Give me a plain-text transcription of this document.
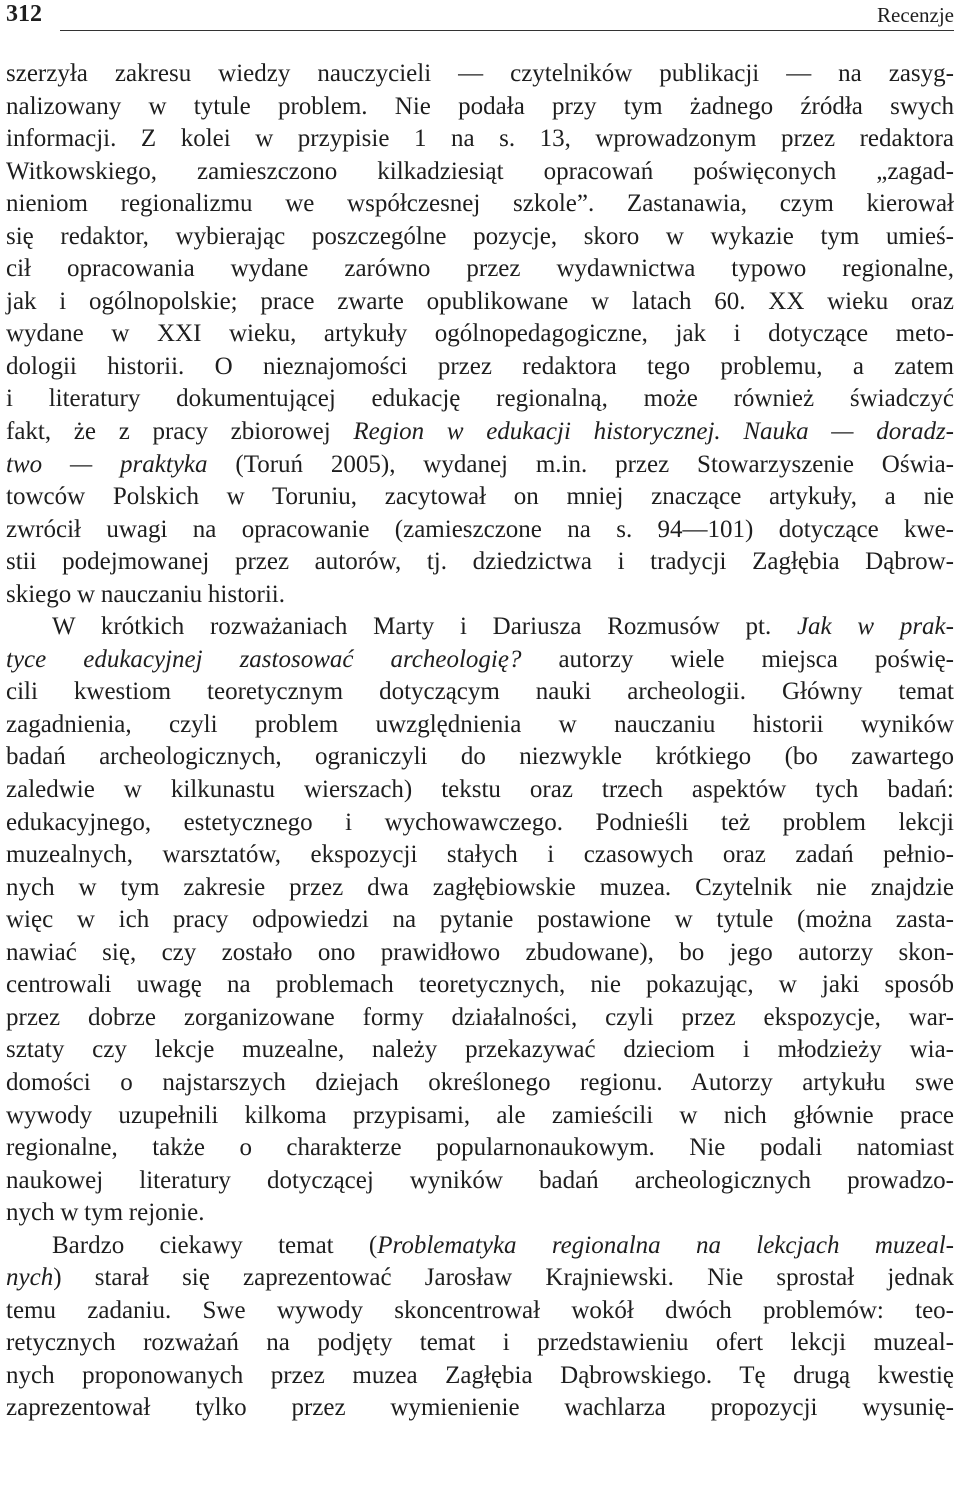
312	Recenzje
szerzyła zakresu wiedzy nauczycieli — czytelników publikacji — na zasyg-
nalizowany w tytule problem. Nie podała przy tym żadnego źródła swych
informacji. Z kolei w przypisie 1 na s. 13, wprowadzonym przez redaktora
Witkowskiego, zamieszczono kilkadziesiąt opracowań poświęconych „zagad-
nieniom regionalizmu we współczesnej szkole”. Zastanawia, czym kierował
się redaktor, wybierając poszczególne pozycje, skoro w wykazie tym umieś-
cił opracowania wydane zarówno przez wydawnictwa typowo regionalne,
jak i ogólnopolskie; prace zwarte opublikowane w latach 60. XX wieku oraz
wydane w XXI wieku, artykuły ogólnopedagogiczne, jak i dotyczące meto-
dologii historii. O nieznajomości przez redaktora tego problemu, a zatem
i literatury dokumentującej edukację regionalną, może również świadczyć
fakt, że z pracy zbiorowej Region w edukacji historycznej. Nauka — doradz-
two — praktyka (Toruń 2005), wydanej m.in. przez Stowarzyszenie Oświa-
towców Polskich w Toruniu, zacytował on mniej znaczące artykuły, a nie
zwrócił uwagi na opracowanie (zamieszczone na s. 94—101) dotyczące kwe-
stii podejmowanej przez autorów, tj. dziedzictwa i tradycji Zagłębia Dąbrow-
skiego w nauczaniu historii.
W krótkich rozważaniach Marty i Dariusza Rozmusów pt. Jak w prak-
tyce edukacyjnej zastosować archeologię? autorzy wiele miejsca poświę-
cili kwestiom teoretycznym dotyczącym nauki archeologii. Główny temat
zagadnienia, czyli problem uwzględnienia w nauczaniu historii wyników
badań archeologicznych, ograniczyli do niezwykle krótkiego (bo zawartego
zaledwie w kilkunastu wierszach) tekstu oraz trzech aspektów tych badań:
edukacyjnego, estetycznego i wychowawczego. Podnieśli też problem lekcji
muzealnych, warsztatów, ekspozycji stałych i czasowych oraz zadań pełnio-
nych w tym zakresie przez dwa zagłębiowskie muzea. Czytelnik nie znajdzie
więc w ich pracy odpowiedzi na pytanie postawione w tytule (można zasta-
nawiać się, czy zostało ono prawidłowo zbudowane), bo jego autorzy skon-
centrowali uwagę na problemach teoretycznych, nie pokazując, w jaki sposób
przez dobrze zorganizowane formy działalności, czyli przez ekspozycje, war-
sztaty czy lekcje muzealne, należy przekazywać dzieciom i młodzieży wia-
domości o najstarszych dziejach określonego regionu. Autorzy artykułu swe
wywody uzupełnili kilkoma przypisami, ale zamieścili w nich głównie prace
regionalne, także o charakterze popularnonaukowym. Nie podali natomiast
naukowej literatury dotyczącej wyników badań archeologicznych prowadzo-
nych w tym rejonie.
Bardzo ciekawy temat (Problematyka regionalna na lekcjach muzeal-
nych) starał się zaprezentować Jarosław Krajniewski. Nie sprostał jednak
temu zadaniu. Swe wywody skoncentrował wokół dwóch problemów: teo-
retycznych rozważań na podjęty temat i przedstawieniu ofert lekcji muzeal-
nych proponowanych przez muzea Zagłębia Dąbrowskiego. Tę drugą kwestię
zaprezentował tylko przez wymienienie wachlarza propozycji wysunię-
